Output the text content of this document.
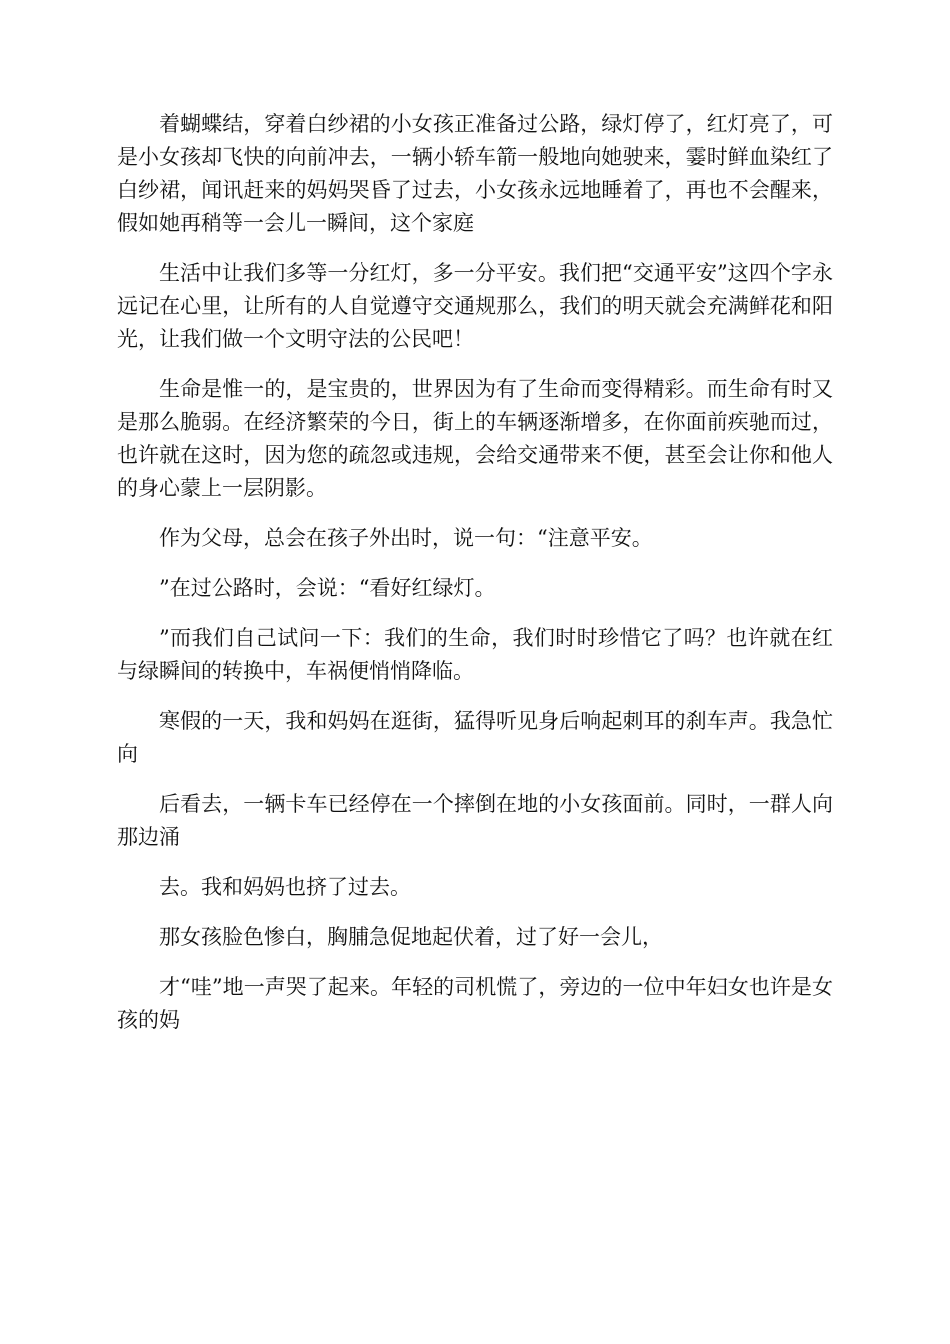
着蝴蝶结，穿着白纱裙的小女孩正准备过公路，绿灯停了，红灯亮了，可是小女孩却飞快的向前冲去，一辆小轿车箭一般地向她驶来，霎时鲜血染红了白纱裙，闻讯赶来的妈妈哭昏了过去，小女孩永远地睡着了，再也不会醒来，假如她再稍等一会儿一瞬间，这个家庭

生活中让我们多等一分红灯，多一分平安。我们把“交通平安”这四个字永远记在心里，让所有的人自觉遵守交通规那么，我们的明天就会充满鲜花和阳光，让我们做一个文明守法的公民吧！

生命是惟一的，是宝贵的，世界因为有了生命而变得精彩。而生命有时又是那么脆弱。在经济繁荣的今日，街上的车辆逐渐增多，在你面前疾驰而过，也许就在这时，因为您的疏忽或违规，会给交通带来不便，甚至会让你和他人的身心蒙上一层阴影。

作为父母，总会在孩子外出时，说一句：“注意平安。

”在过公路时，会说：“看好红绿灯。

”而我们自己试问一下：我们的生命，我们时时珍惜它了吗？也许就在红与绿瞬间的转换中，车祸便悄悄降临。

寒假的一天，我和妈妈在逛街，猛得听见身后响起刺耳的刹车声。我急忙向

后看去，一辆卡车已经停在一个摔倒在地的小女孩面前。同时，一群人向那边涌

去。我和妈妈也挤了过去。

那女孩脸色惨白，胸脯急促地起伏着，过了好一会儿，

才“哇”地一声哭了起来。年轻的司机慌了，旁边的一位中年妇女也许是女孩的妈
